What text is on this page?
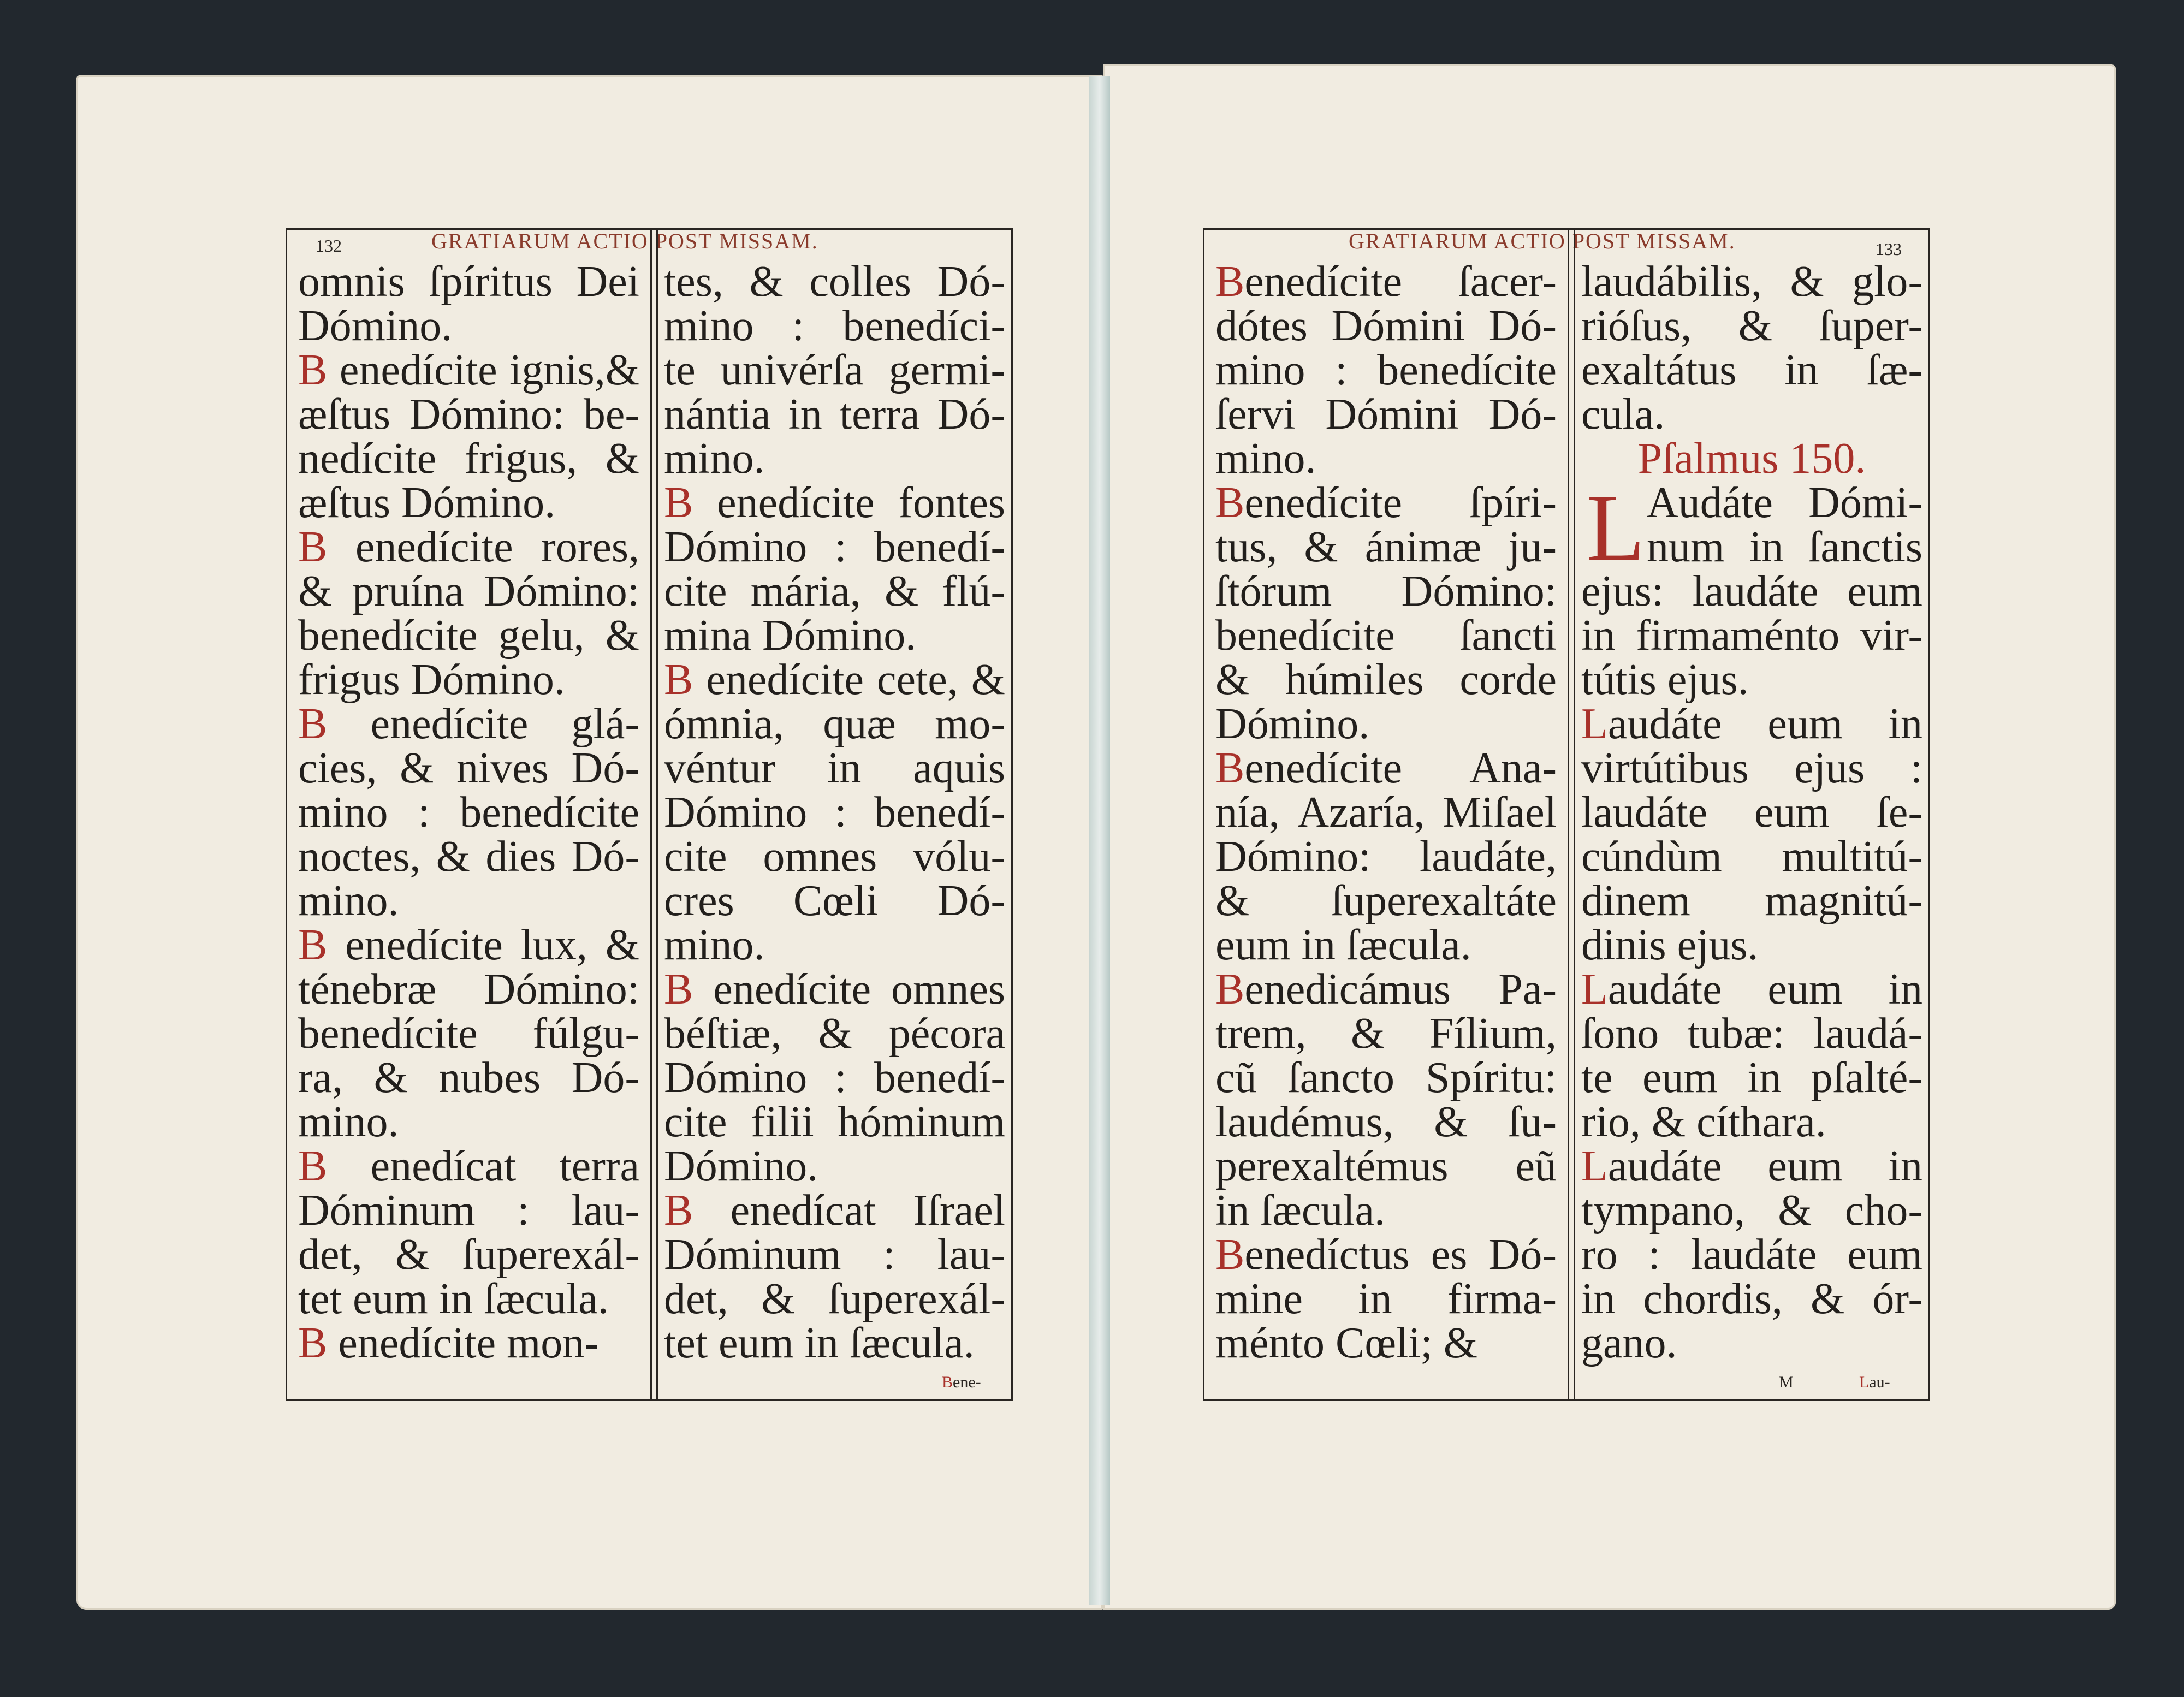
132	GRATIARUM ACTIO POST MISSAM.
omnis ſpíritus Dei
Dómino.
B enedícite ignis,&
æſtus Dómino: be-
nedícite frigus, &
æſtus
Dómino.
B enedícite rores,
& pruína Dómino:
benedícite gelu, &
frigus
Dómino.
B enedícite glá-
cies, & nives Dó-
mino : benedícite
noctes, & dies Dó-
mino.
B enedícite lux, &
ténebræ Dómino:
benedícite fúlgu-
ra, & nubes Dó-
mino.
B enedícat terra
Dóminum : lau-
det, & ſuperexál-
tet
eum
in
ſæcula.
B
enedícite
mon-
tes, & colles Dó-
mino : benedíci-
te univérſa germi-
nántia in terra Dó-
mino.
B enedícite fontes
Dómino : benedí-
cite mária, & flú-
mina
Dómino.
B enedícite cete, &
ómnia, quæ mo-
véntur in aquis
Dómino : benedí-
cite omnes vólu-
cres Cœli Dó-
mino.
B enedícite omnes
béſtiæ, & pécora
Dómino : benedí-
cite filii hóminum
Dómino.
B enedícat Iſrael
Dóminum : lau-
det, & ſuperexál-
tet
eum
in
ſæcula.
Bene-
GRATIARUM ACTIO POST MISSAM.	133
Benedícite ſacer-
dótes Dómini Dó-
mino : benedícite
ſervi Dómini Dó-
mino.
Benedícite ſpíri-
tus, & ánimæ ju-
ſtórum Dómino:
benedícite ſancti
& húmiles corde
Dómino.
Benedícite Ana-
nía, Azaría, Miſael
Dómino: laudáte,
& ſuperexaltáte
eum
in
ſæcula.
Benedicámus Pa-
trem, & Fílium,
cũ ſancto Spíritu:
laudémus, & ſu-
perexaltémus eũ
in
ſæcula.
Benedíctus es Dó-
mine in firma-
ménto
Cœli;
&
laudábilis, & glo-
rióſus, & ſuper-
exaltátus in ſæ-
cula.
Pſalmus 150.
Audáte Dómi-
num in ſanctis
ejus: laudáte eum
in firmaménto vir-
tútis
ejus.
Laudáte eum in
virtútibus ejus :
laudáte eum ſe-
cúndùm multitú-
dinem magnitú-
dinis
ejus.
Laudáte eum in
ſono tubæ: laudá-
te eum in pſalté-
rio,
&
cíthara.
Laudáte eum in
tympano, & cho-
ro : laudáte eum
in chordis, & ór-
gano.
L
M	Lau-
